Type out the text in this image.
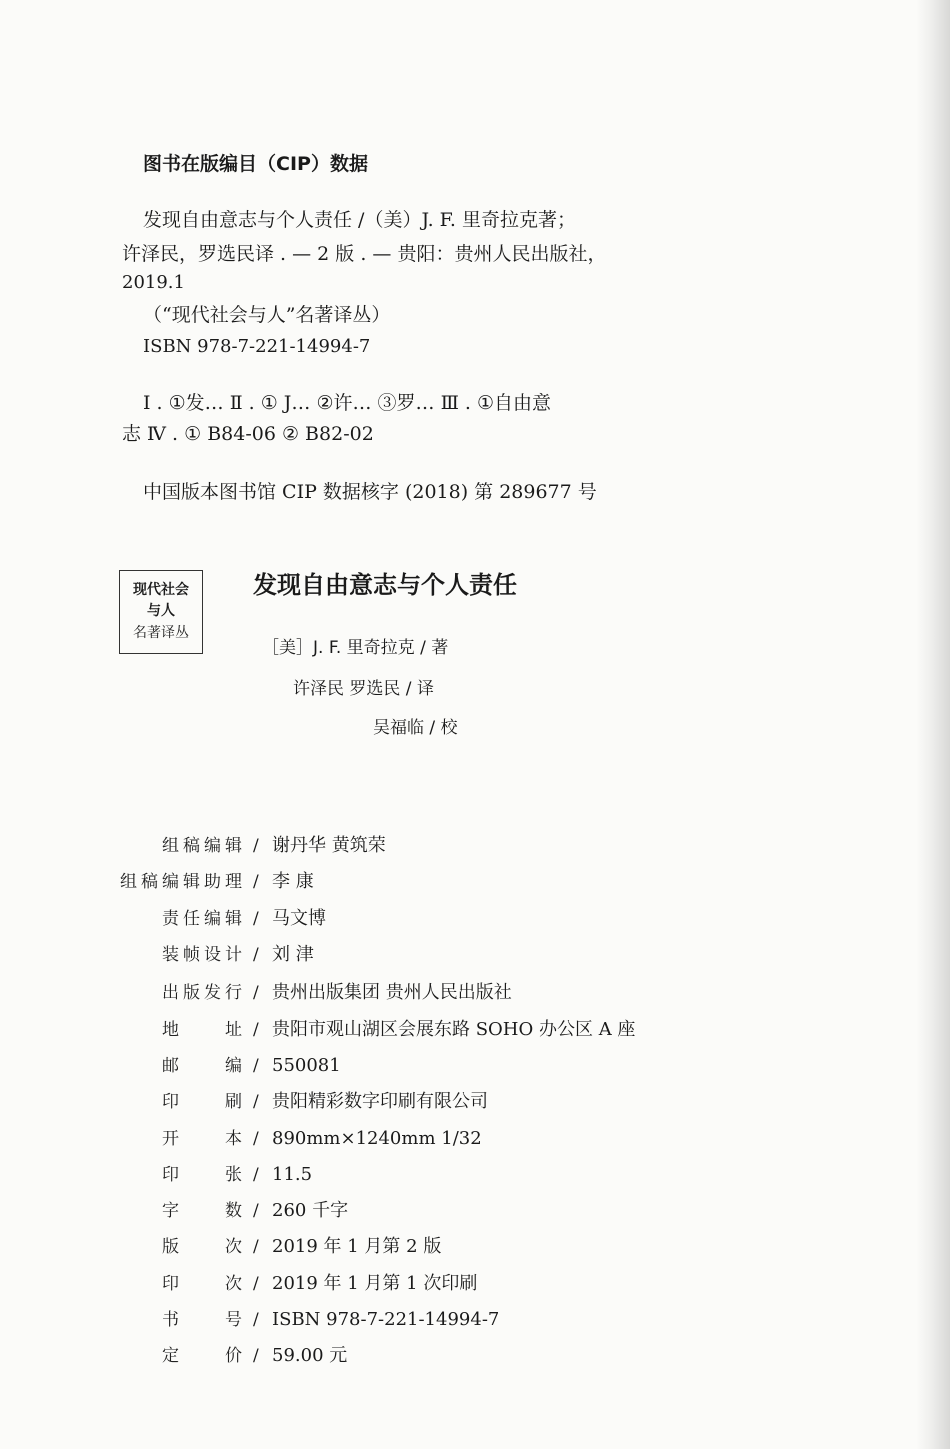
图书在版编目（CIP）数据
发现自由意志与个人责任 /（美）J. F. 里奇拉克著；
许泽民，罗选民译 . — 2 版 . — 贵阳：贵州人民出版社，
2019.1
（“现代社会与人”名著译丛）
ISBN 978-7-221-14994-7
Ⅰ . ①发… Ⅱ . ① J… ②许… ③罗… Ⅲ . ①自由意
志 Ⅳ . ① B84-06 ② B82-02
中国版本图书馆 CIP 数据核字 (2018) 第 289677 号
现代社会
与人
名著译丛
发现自由意志与个人责任
［美］J. F. 里奇拉克 / 著
许泽民 罗选民 / 译
吴福临 / 校
组稿编辑 / 谢丹华 黄筑荣
组稿编辑助理 / 李 康
责任编辑 / 马文博
装帧设计 / 刘 津
出版发行 / 贵州出版集团 贵州人民出版社
地址 / 贵阳市观山湖区会展东路 SOHO 办公区 A 座
邮编 / 550081
印刷 / 贵阳精彩数字印刷有限公司
开本 / 890mm×1240mm 1/32
印张 / 11.5
字数 / 260 千字
版次 / 2019 年 1 月第 2 版
印次 / 2019 年 1 月第 1 次印刷
书号 / ISBN 978-7-221-14994-7
定价 / 59.00 元
